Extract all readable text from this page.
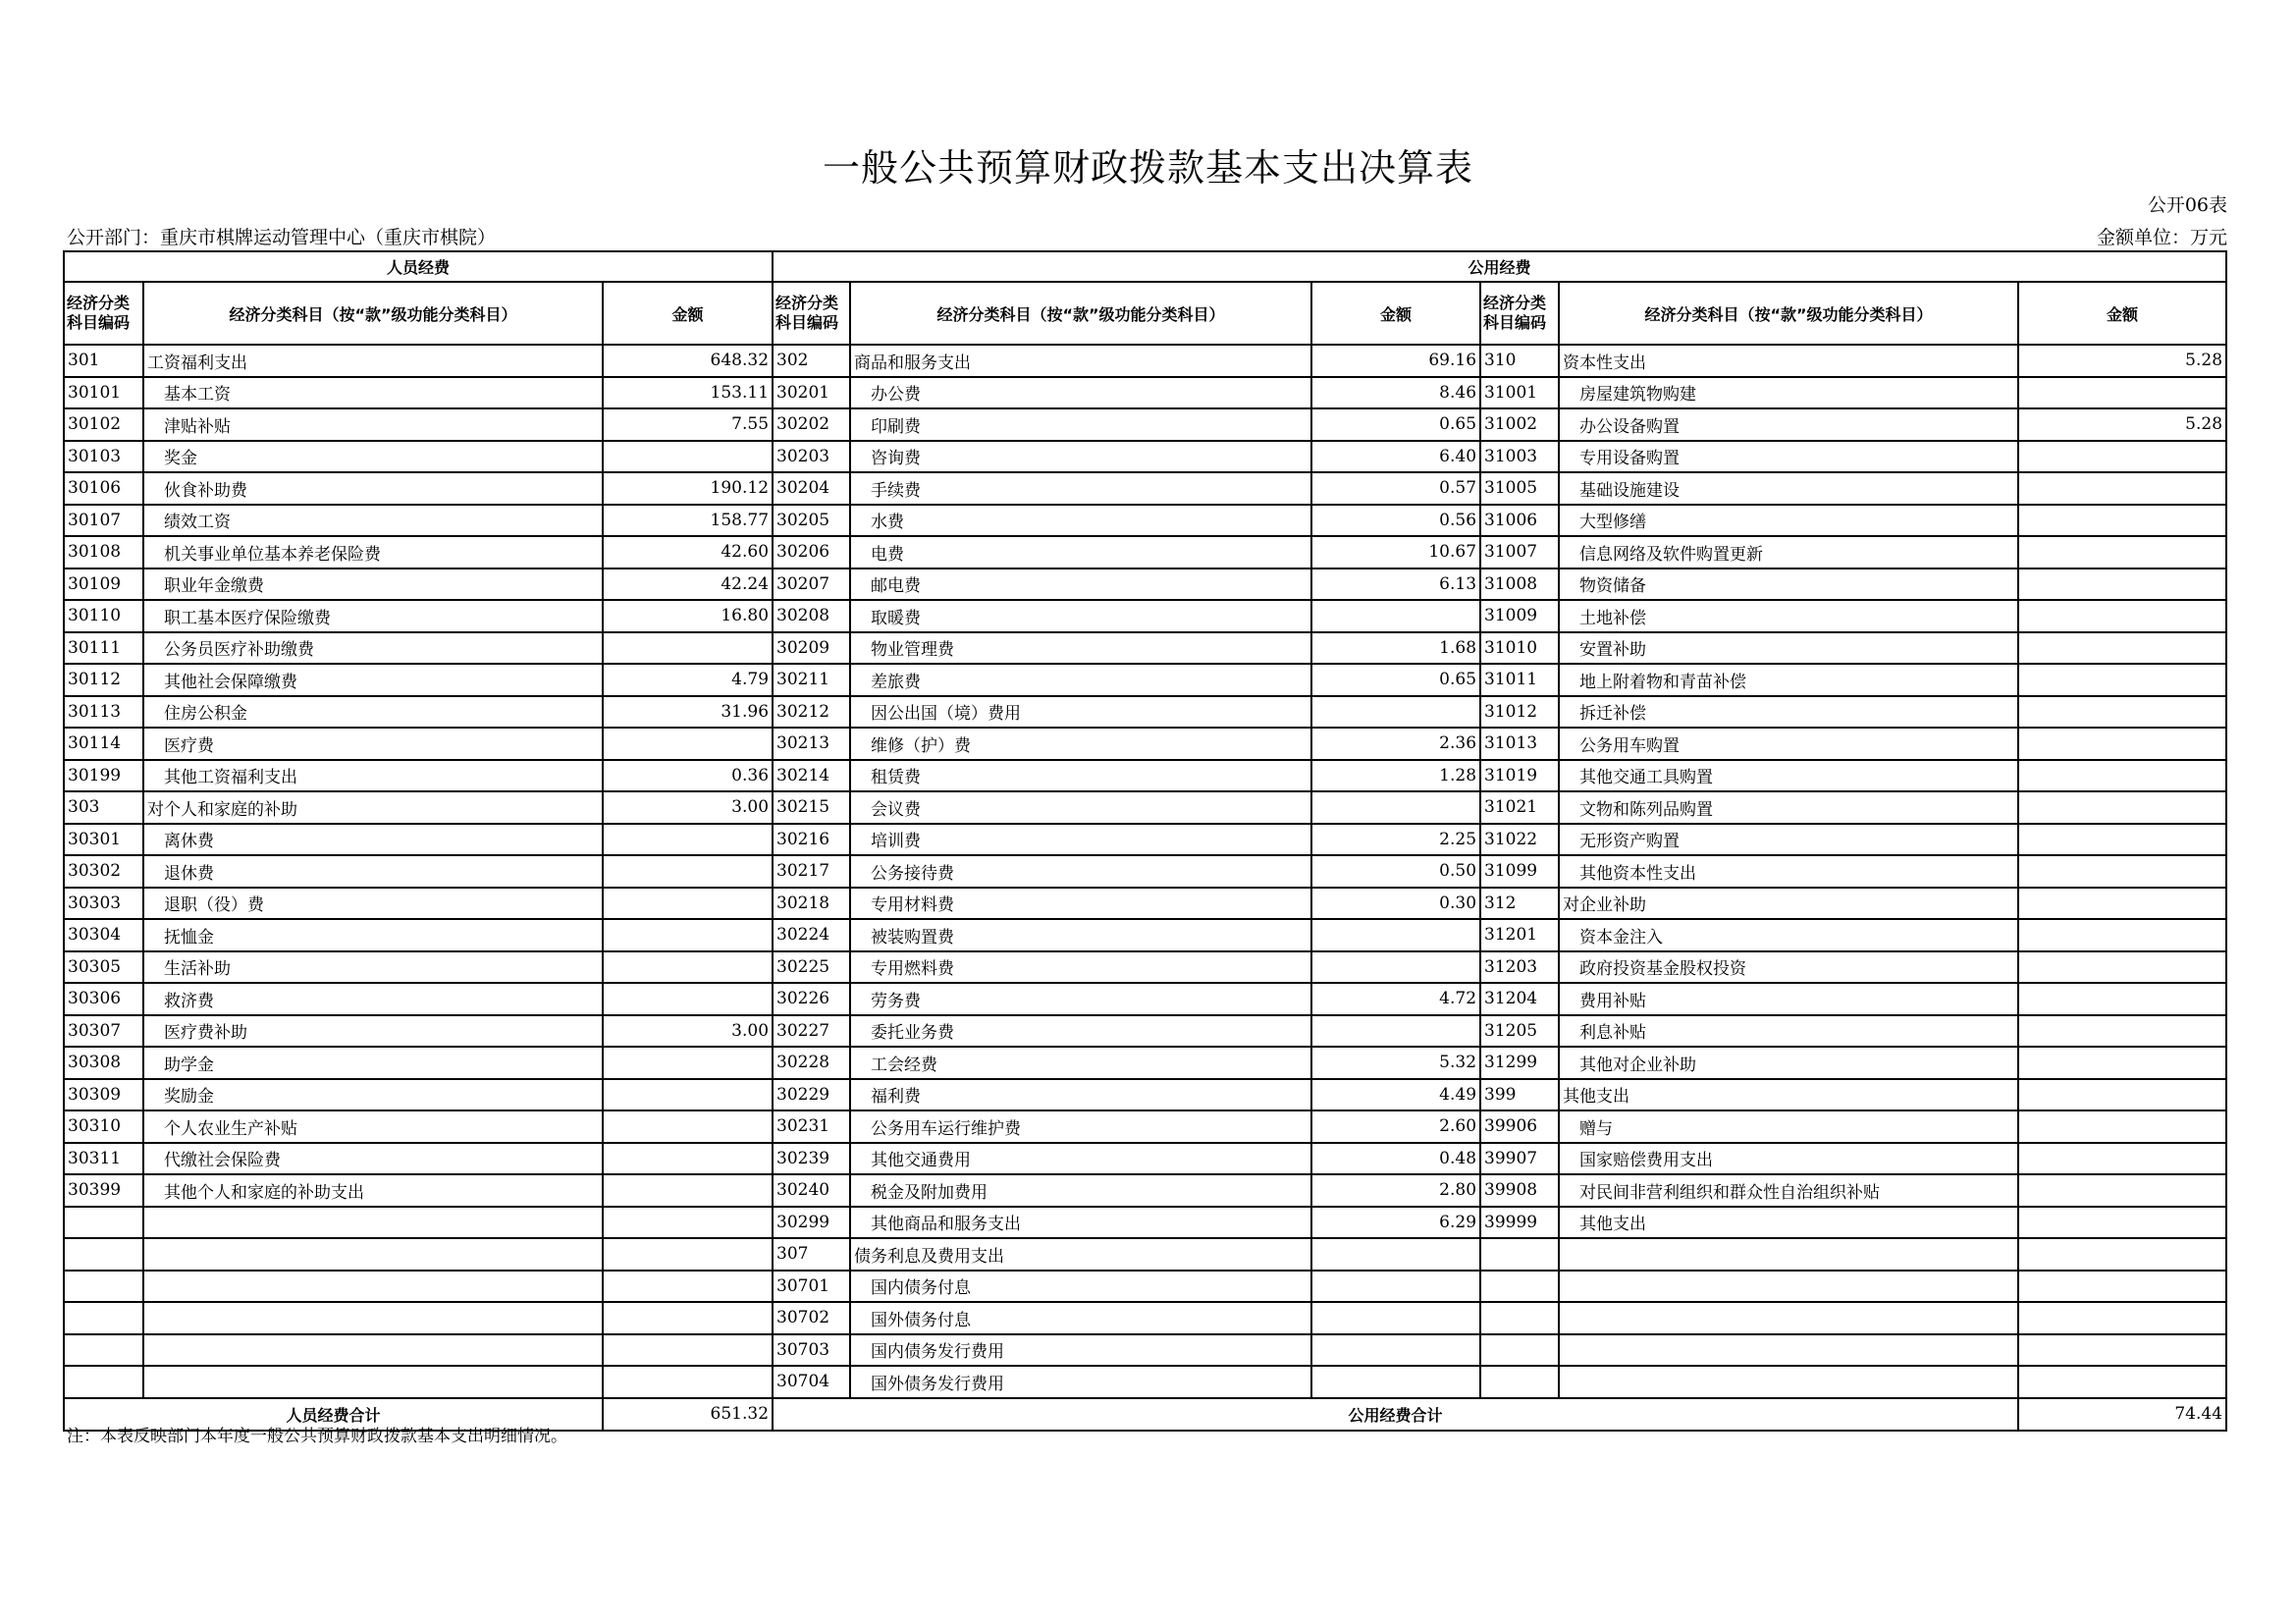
一般公共预算财政拨款基本支出决算表
公开06表
公开部门：重庆市棋牌运动管理中心（重庆市棋院）	金额单位：万元
人员经费			公用经费					
经济分类科目编码	经济分类科目（按“款”级功能分类科目）	金额	经济分类科目编码	经济分类科目（按“款”级功能分类科目）	金额	经济分类科目编码	经济分类科目（按“款”级功能分类科目）	金额
301	工资福利支出	648.32	302	商品和服务支出	69.16	310	资本性支出	5.28
30101	基本工资	153.11	30201	办公费	8.46	31001	房屋建筑物购建	
30102	津贴补贴	7.55	30202	印刷费	0.65	31002	办公设备购置	5.28
30103	奖金		30203	咨询费	6.40	31003	专用设备购置	
30106	伙食补助费	190.12	30204	手续费	0.57	31005	基础设施建设	
30107	绩效工资	158.77	30205	水费	0.56	31006	大型修缮	
30108	机关事业单位基本养老保险费	42.60	30206	电费	10.67	31007	信息网络及软件购置更新	
30109	职业年金缴费	42.24	30207	邮电费	6.13	31008	物资储备	
30110	职工基本医疗保险缴费	16.80	30208	取暖费		31009	土地补偿	
30111	公务员医疗补助缴费		30209	物业管理费	1.68	31010	安置补助	
30112	其他社会保障缴费	4.79	30211	差旅费	0.65	31011	地上附着物和青苗补偿	
30113	住房公积金	31.96	30212	因公出国（境）费用		31012	拆迁补偿	
30114	医疗费		30213	维修（护）费	2.36	31013	公务用车购置	
30199	其他工资福利支出	0.36	30214	租赁费	1.28	31019	其他交通工具购置	
303	对个人和家庭的补助	3.00	30215	会议费		31021	文物和陈列品购置	
30301	离休费		30216	培训费	2.25	31022	无形资产购置	
30302	退休费		30217	公务接待费	0.50	31099	其他资本性支出	
30303	退职（役）费		30218	专用材料费	0.30	312	对企业补助	
30304	抚恤金		30224	被装购置费		31201	资本金注入	
30305	生活补助		30225	专用燃料费		31203	政府投资基金股权投资	
30306	救济费		30226	劳务费	4.72	31204	费用补贴	
30307	医疗费补助	3.00	30227	委托业务费		31205	利息补贴	
30308	助学金		30228	工会经费	5.32	31299	其他对企业补助	
30309	奖励金		30229	福利费	4.49	399	其他支出	
30310	个人农业生产补贴		30231	公务用车运行维护费	2.60	39906	赠与	
30311	代缴社会保险费		30239	其他交通费用	0.48	39907	国家赔偿费用支出	
30399	其他个人和家庭的补助支出		30240	税金及附加费用	2.80	39908	对民间非营利组织和群众性自治组织补贴	
			30299	其他商品和服务支出	6.29	39999	其他支出	
			307	债务利息及费用支出				
			30701	国内债务付息				
			30702	国外债务付息				
			30703	国内债务发行费用				
			30704	国外债务发行费用				
人员经费合计		651.32	公用经费合计					74.44
注：本表反映部门本年度一般公共预算财政拨款基本支出明细情况。
